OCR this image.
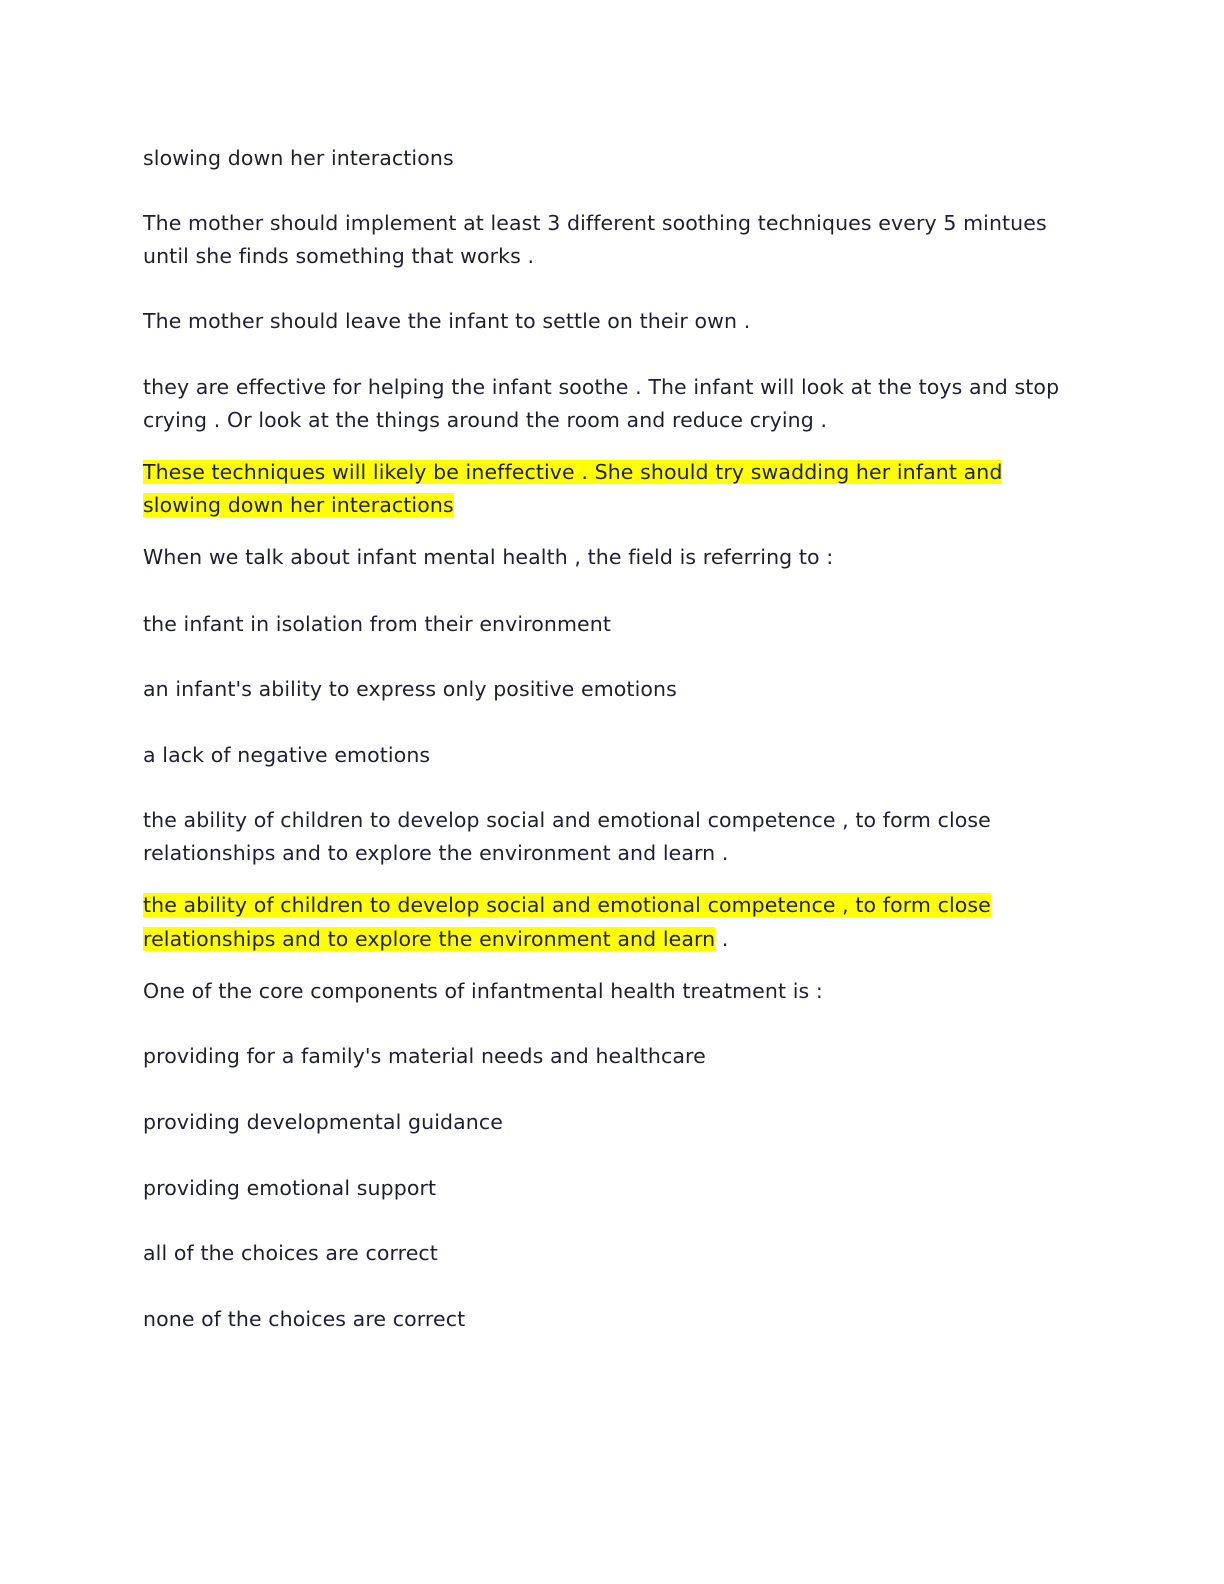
slowing down her interactions
The mother should implement at least 3 different soothing techniques every 5 mintues
until she finds something that works .
The mother should leave the infant to settle on their own .
they are effective for helping the infant soothe . The infant will look at the toys and stop
crying . Or look at the things around the room and reduce crying .
These techniques will likely be ineffective . She should try swadding her infant and
slowing down her interactions
When we talk about infant mental health , the field is referring to :
the infant in isolation from their environment
an infant's ability to express only positive emotions
a lack of negative emotions
the ability of children to develop social and emotional competence , to form close
relationships and to explore the environment and learn .
the ability of children to develop social and emotional competence , to form close
relationships and to explore the environment and learn .
One of the core components of infantmental health treatment is :
providing for a family's material needs and healthcare
providing developmental guidance
providing emotional support
all of the choices are correct
none of the choices are correct
